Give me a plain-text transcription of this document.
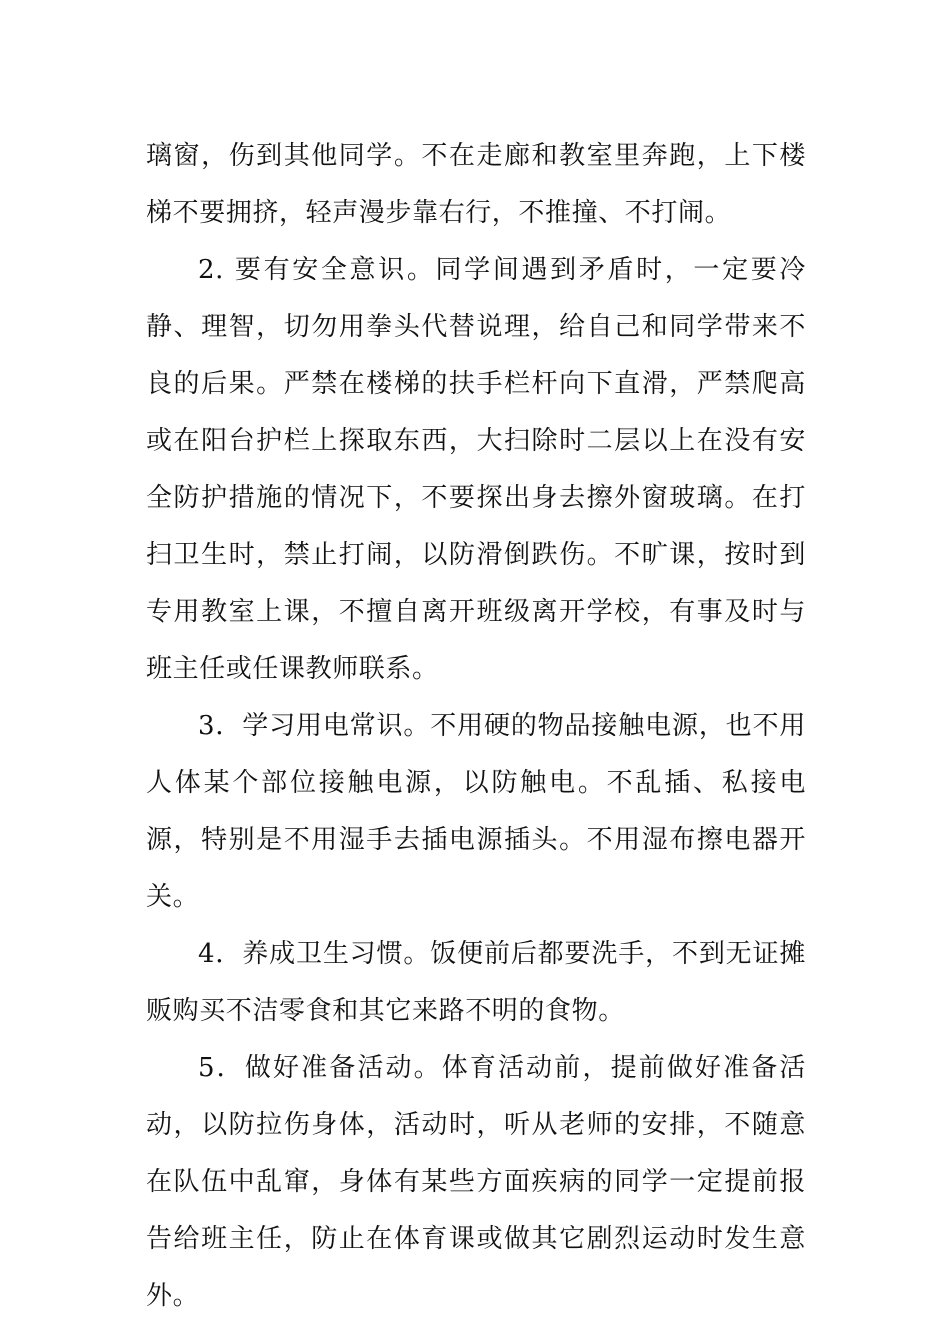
璃窗，伤到其他同学。不在走廊和教室里奔跑，上下楼梯不要拥挤，轻声漫步靠右行，不推撞、不打闹。

2. 要有安全意识。同学间遇到矛盾时，一定要冷静、理智，切勿用拳头代替说理，给自己和同学带来不良的后果。严禁在楼梯的扶手栏杆向下直滑，严禁爬高或在阳台护栏上探取东西，大扫除时二层以上在没有安全防护措施的情况下，不要探出身去擦外窗玻璃。在打扫卫生时，禁止打闹，以防滑倒跌伤。不旷课，按时到专用教室上课，不擅自离开班级离开学校，有事及时与班主任或任课教师联系。

3．学习用电常识。不用硬的物品接触电源，也不用人体某个部位接触电源，以防触电。不乱插、私接电源，特别是不用湿手去插电源插头。不用湿布擦电器开关。

4．养成卫生习惯。饭便前后都要洗手，不到无证摊贩购买不洁零食和其它来路不明的食物。

5．做好准备活动。体育活动前，提前做好准备活动，以防拉伤身体，活动时，听从老师的安排，不随意在队伍中乱窜，身体有某些方面疾病的同学一定提前报告给班主任，防止在体育课或做其它剧烈运动时发生意外。
